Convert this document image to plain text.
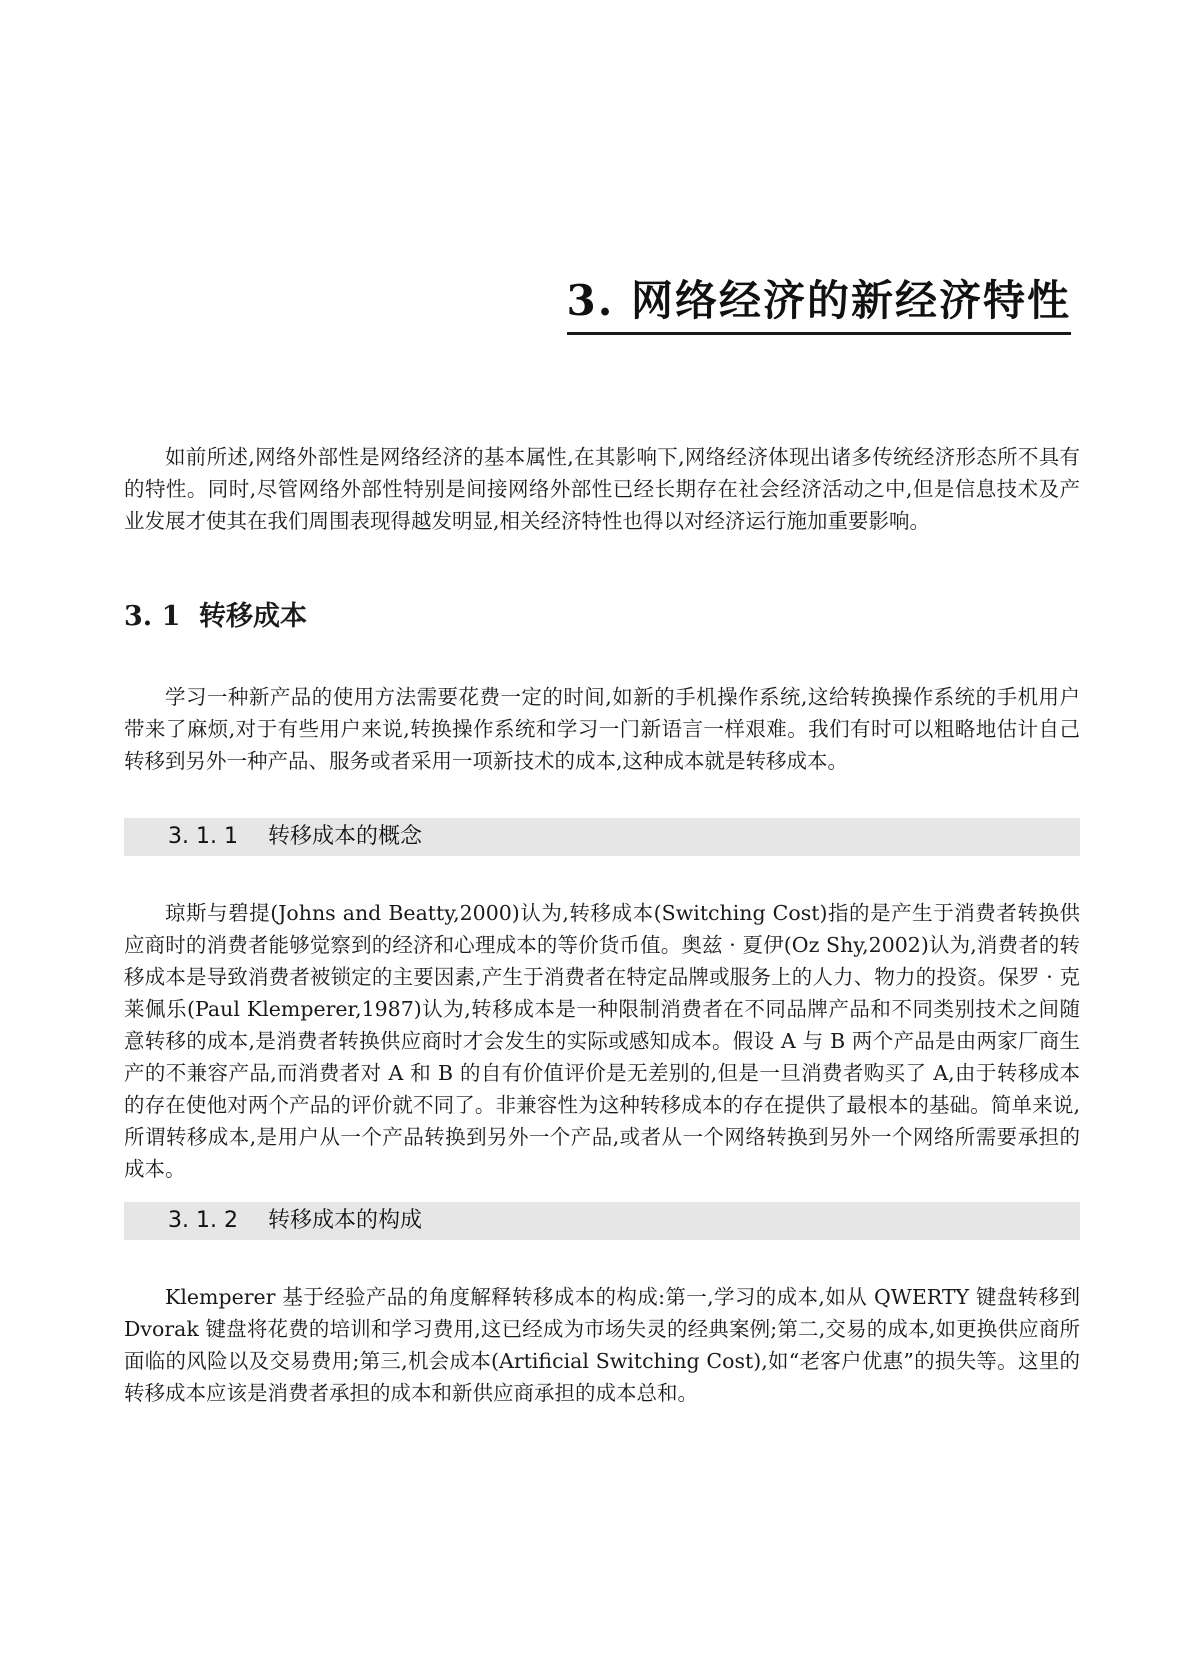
3. 网络经济的新经济特性

如前所述,网络外部性是网络经济的基本属性,在其影响下,网络经济体现出诸多传统经济形态所不具有的特性。同时,尽管网络外部性特别是间接网络外部性已经长期存在社会经济活动之中,但是信息技术及产业发展才使其在我们周围表现得越发明显,相关经济特性也得以对经济运行施加重要影响。

3. 1 转移成本

学习一种新产品的使用方法需要花费一定的时间,如新的手机操作系统,这给转换操作系统的手机用户带来了麻烦,对于有些用户来说,转换操作系统和学习一门新语言一样艰难。我们有时可以粗略地估计自己转移到另外一种产品、服务或者采用一项新技术的成本,这种成本就是转移成本。

3. 1. 1 转移成本的概念

琼斯与碧提(Johns and Beatty,2000)认为,转移成本(Switching Cost)指的是产生于消费者转换供应商时的消费者能够觉察到的经济和心理成本的等价货币值。奥兹 · 夏伊(Oz Shy,2002)认为,消费者的转移成本是导致消费者被锁定的主要因素,产生于消费者在特定品牌或服务上的人力、物力的投资。保罗 · 克莱佩乐(Paul Klemperer,1987)认为,转移成本是一种限制消费者在不同品牌产品和不同类别技术之间随意转移的成本,是消费者转换供应商时才会发生的实际或感知成本。假设 A 与 B 两个产品是由两家厂商生产的不兼容产品,而消费者对 A 和 B 的自有价值评价是无差别的,但是一旦消费者购买了 A,由于转移成本的存在使他对两个产品的评价就不同了。非兼容性为这种转移成本的存在提供了最根本的基础。简单来说,所谓转移成本,是用户从一个产品转换到另外一个产品,或者从一个网络转换到另外一个网络所需要承担的成本。

3. 1. 2 转移成本的构成

Klemperer 基于经验产品的角度解释转移成本的构成:第一,学习的成本,如从 QWERTY 键盘转移到 Dvorak 键盘将花费的培训和学习费用,这已经成为市场失灵的经典案例;第二,交易的成本,如更换供应商所面临的风险以及交易费用;第三,机会成本(Artificial Switching Cost),如“老客户优惠”的损失等。这里的转移成本应该是消费者承担的成本和新供应商承担的成本总和。
